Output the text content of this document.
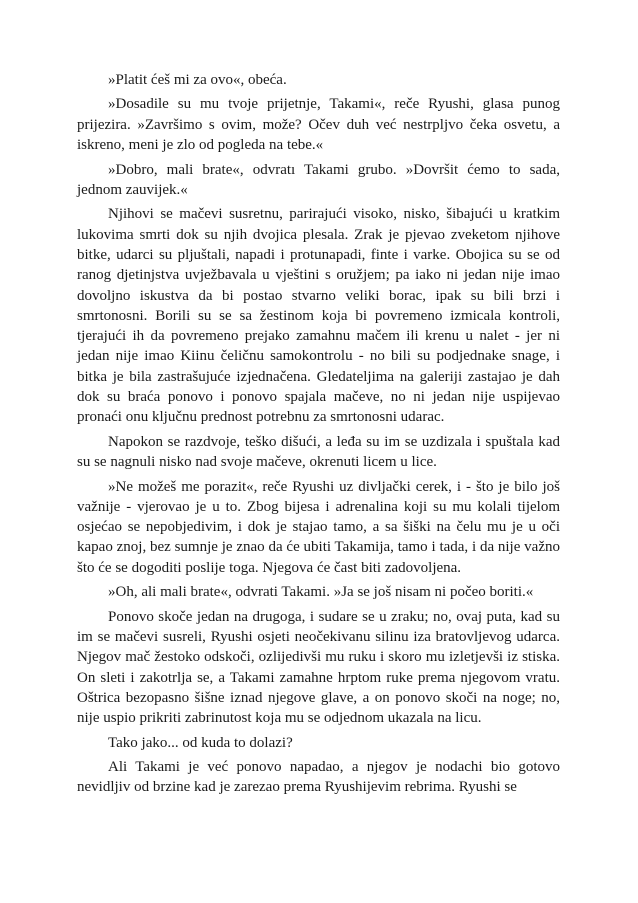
»Platit ćeš mi za ovo«, obeća.

»Dosadile su mu tvoje prijetnje, Takami«, reče Ryushi, glasa punog prijezira. »Završimo s ovim, može? Očev duh već nestrpljvo čeka osvetu, a iskreno, meni je zlo od pogleda na tebe.«

»Dobro, mali brate«, odvratı Takami grubo. »Dovršit ćemo to sada, jednom zauvijek.«

Njihovi se mačevi susretnu, parirajući visoko, nisko, šibajući u kratkim lukovima smrti dok su njih dvojica plesala. Zrak je pjevao zveketom njihove bitke, udarci su pljuštali, napadi i protunapadi, finte i varke. Obojica su se od ranog djetinjstva uvježbavala u vještini s oružjem; pa iako ni jedan nije imao dovoljno iskustva da bi postao stvarno veliki borac, ipak su bili brzi i smrtonosni. Borili su se sa žestinom koja bi povremeno izmicala kontroli, tjerajući ih da povremeno prejako zamahnu mačem ili krenu u nalet - jer ni jedan nije imao Kiinu čeličnu samokontrolu - no bili su podjednake snage, i bitka je bila zastrašujuće izjednačena. Gledateljima na galeriji zastajao je dah dok su braća ponovo i ponovo spajala mačeve, no ni jedan nije uspijevao pronaći onu ključnu prednost potrebnu za smrtonosni udarac.

Napokon se razdvoje, teško dišući, a leđa su im se uzdizala i spuštala kad su se nagnuli nisko nad svoje mačeve, okrenuti licem u lice.

»Ne možeš me porazit«, reče Ryushi uz divljački cerek, i - što je bilo još važnije - vjerovao je u to. Zbog bijesa i adrenalina koji su mu kolali tijelom osjećao se nepobjedivim, i dok je stajao tamo, a sa šiški na čelu mu je u oči kapao znoj, bez sumnje je znao da će ubiti Takamija, tamo i tada, i da nije važno što će se dogoditi poslije toga. Njegova će čast biti zadovoljena.

»Oh, ali mali brate«, odvrati Takami. »Ja se još nisam ni počeo boriti.«

Ponovo skoče jedan na drugoga, i sudare se u zraku; no, ovaj puta, kad su im se mačevi susreli, Ryushi osjeti neočekivanu silinu iza bratovljevog udarca. Njegov mač žestoko odskoči, ozlijedivši mu ruku i skoro mu izletjevši iz stiska. On sleti i zakotrlja se, a Takami zamahne hrptom ruke prema njegovom vratu. Oštrica bezopasno šišne iznad njegove glave, a on ponovo skoči na noge; no, nije uspio prikriti zabrinutost koja mu se odjednom ukazala na licu.

Tako jako... od kuda to dolazi?

Ali Takami je već ponovo napadao, a njegov je nodachi bio gotovo nevidljiv od brzine kad je zarezao prema Ryushijevim rebrima. Ryushi se
